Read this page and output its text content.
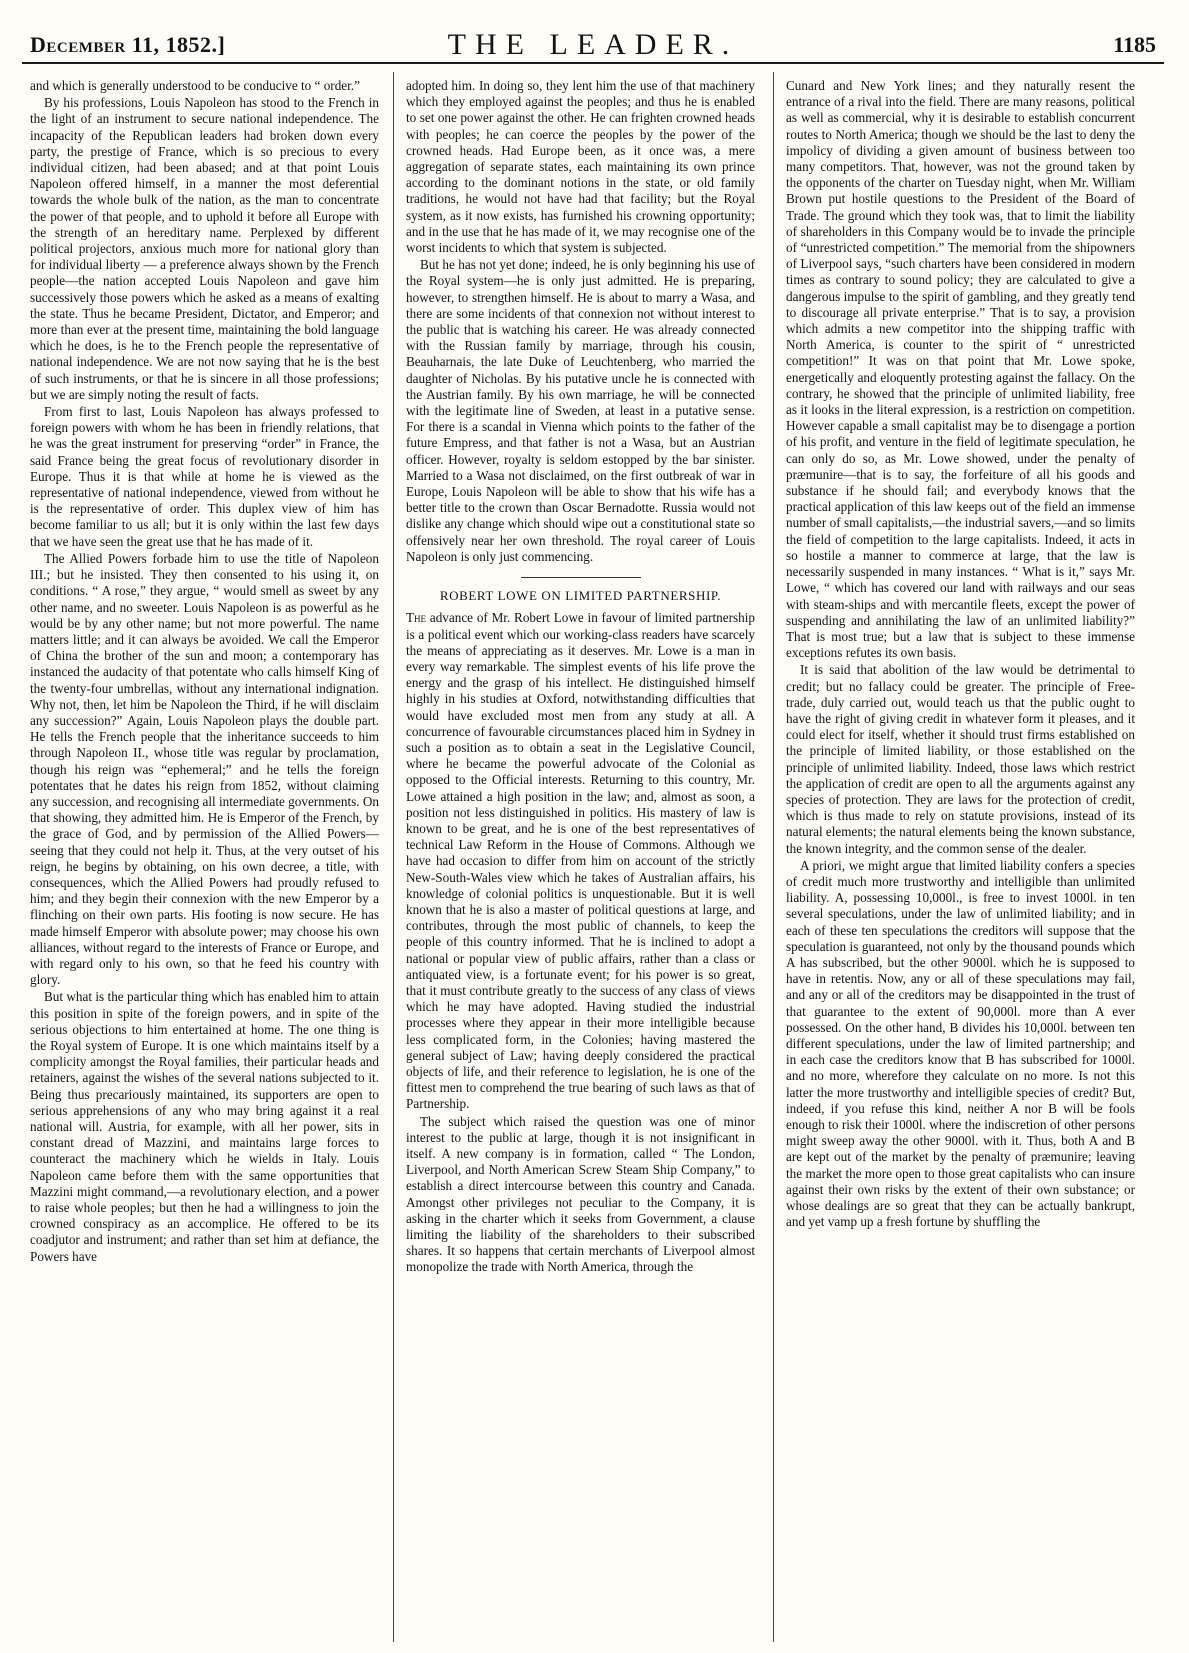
December 11, 1852.]	THE LEADER.	1185

and which is generally understood to be conducive to “ order.”

By his professions, Louis Napoleon has stood to the French in the light of an instrument to secure national independence. The incapacity of the Republican leaders had broken down every party, the prestige of France, which is so precious to every individual citizen, had been abased; and at that point Louis Napoleon offered himself, in a manner the most deferential towards the whole bulk of the nation, as the man to concentrate the power of that people, and to uphold it before all Europe with the strength of an hereditary name. Perplexed by different political projectors, anxious much more for national glory than for individual liberty — a preference always shown by the French people—the nation accepted Louis Napoleon and gave him successively those powers which he asked as a means of exalting the state. Thus he became President, Dictator, and Emperor; and more than ever at the present time, maintaining the bold language which he does, is he to the French people the representative of national independence. We are not now saying that he is the best of such instruments, or that he is sincere in all those professions; but we are simply noting the result of facts.

From first to last, Louis Napoleon has always professed to foreign powers with whom he has been in friendly relations, that he was the great instrument for preserving “order” in France, the said France being the great focus of revolutionary disorder in Europe. Thus it is that while at home he is viewed as the representative of national independence, viewed from without he is the representative of order. This duplex view of him has become familiar to us all; but it is only within the last few days that we have seen the great use that he has made of it.

The Allied Powers forbade him to use the title of Napoleon III.; but he insisted. They then consented to his using it, on conditions. “ A rose,” they argue, “ would smell as sweet by any other name, and no sweeter. Louis Napoleon is as powerful as he would be by any other name; but not more powerful. The name matters little; and it can always be avoided. We call the Emperor of China the brother of the sun and moon; a contemporary has instanced the audacity of that potentate who calls himself King of the twenty-four umbrellas, without any international indignation. Why not, then, let him be Napoleon the Third, if he will disclaim any succession?” Again, Louis Napoleon plays the double part. He tells the French people that the inheritance succeeds to him through Napoleon II., whose title was regular by proclamation, though his reign was “ephemeral;” and he tells the foreign potentates that he dates his reign from 1852, without claiming any succession, and recognising all intermediate governments. On that showing, they admitted him. He is Emperor of the French, by the grace of God, and by permission of the Allied Powers—seeing that they could not help it. Thus, at the very outset of his reign, he begins by obtaining, on his own decree, a title, with consequences, which the Allied Powers had proudly refused to him; and they begin their connexion with the new Emperor by a flinching on their own parts. His footing is now secure. He has made himself Emperor with absolute power; may choose his own alliances, without regard to the interests of France or Europe, and with regard only to his own, so that he feed his country with glory.

But what is the particular thing which has enabled him to attain this position in spite of the foreign powers, and in spite of the serious objections to him entertained at home. The one thing is the Royal system of Europe. It is one which maintains itself by a complicity amongst the Royal families, their particular heads and retainers, against the wishes of the several nations subjected to it. Being thus precariously maintained, its supporters are open to serious apprehensions of any who may bring against it a real national will. Austria, for example, with all her power, sits in constant dread of Mazzini, and maintains large forces to counteract the machinery which he wields in Italy. Louis Napoleon came before them with the same opportunities that Mazzini might command,—a revolutionary election, and a power to raise whole peoples; but then he had a willingness to join the crowned conspiracy as an accomplice. He offered to be its coadjutor and instrument; and rather than set him at defiance, the Powers have

adopted him. In doing so, they lent him the use of that machinery which they employed against the peoples; and thus he is enabled to set one power against the other. He can frighten crowned heads with peoples; he can coerce the peoples by the power of the crowned heads. Had Europe been, as it once was, a mere aggregation of separate states, each maintaining its own prince according to the dominant notions in the state, or old family traditions, he would not have had that facility; but the Royal system, as it now exists, has furnished his crowning opportunity; and in the use that he has made of it, we may recognise one of the worst incidents to which that system is subjected.

But he has not yet done; indeed, he is only beginning his use of the Royal system—he is only just admitted. He is preparing, however, to strengthen himself. He is about to marry a Wasa, and there are some incidents of that connexion not without interest to the public that is watching his career. He was already connected with the Russian family by marriage, through his cousin, Beauharnais, the late Duke of Leuchtenberg, who married the daughter of Nicholas. By his putative uncle he is connected with the Austrian family. By his own marriage, he will be connected with the legitimate line of Sweden, at least in a putative sense. For there is a scandal in Vienna which points to the father of the future Empress, and that father is not a Wasa, but an Austrian officer. However, royalty is seldom estopped by the bar sinister. Married to a Wasa not disclaimed, on the first outbreak of war in Europe, Louis Napoleon will be able to show that his wife has a better title to the crown than Oscar Bernadotte. Russia would not dislike any change which should wipe out a constitutional state so offensively near her own threshold. The royal career of Louis Napoleon is only just commencing.

ROBERT LOWE ON LIMITED PARTNERSHIP.

The advance of Mr. Robert Lowe in favour of limited partnership is a political event which our working-class readers have scarcely the means of appreciating as it deserves. Mr. Lowe is a man in every way remarkable. The simplest events of his life prove the energy and the grasp of his intellect. He distinguished himself highly in his studies at Oxford, notwithstanding difficulties that would have excluded most men from any study at all. A concurrence of favourable circumstances placed him in Sydney in such a position as to obtain a seat in the Legislative Council, where he became the powerful advocate of the Colonial as opposed to the Official interests. Returning to this country, Mr. Lowe attained a high position in the law; and, almost as soon, a position not less distinguished in politics. His mastery of law is known to be great, and he is one of the best representatives of technical Law Reform in the House of Commons. Although we have had occasion to differ from him on account of the strictly New-South-Wales view which he takes of Australian affairs, his knowledge of colonial politics is unquestionable. But it is well known that he is also a master of political questions at large, and contributes, through the most public of channels, to keep the people of this country informed. That he is inclined to adopt a national or popular view of public affairs, rather than a class or antiquated view, is a fortunate event; for his power is so great, that it must contribute greatly to the success of any class of views which he may have adopted. Having studied the industrial processes where they appear in their more intelligible because less complicated form, in the Colonies; having mastered the general subject of Law; having deeply considered the practical objects of life, and their reference to legislation, he is one of the fittest men to comprehend the true bearing of such laws as that of Partnership.

The subject which raised the question was one of minor interest to the public at large, though it is not insignificant in itself. A new company is in formation, called “ The London, Liverpool, and North American Screw Steam Ship Company,” to establish a direct intercourse between this country and Canada. Amongst other privileges not peculiar to the Company, it is asking in the charter which it seeks from Government, a clause limiting the liability of the shareholders to their subscribed shares. It so happens that certain merchants of Liverpool almost monopolize the trade with North America, through the

Cunard and New York lines; and they naturally resent the entrance of a rival into the field. There are many reasons, political as well as commercial, why it is desirable to establish concurrent routes to North America; though we should be the last to deny the impolicy of dividing a given amount of business between too many competitors. That, however, was not the ground taken by the opponents of the charter on Tuesday night, when Mr. William Brown put hostile questions to the President of the Board of Trade. The ground which they took was, that to limit the liability of shareholders in this Company would be to invade the principle of “unrestricted competition.” The memorial from the shipowners of Liverpool says, “such charters have been considered in modern times as contrary to sound policy; they are calculated to give a dangerous impulse to the spirit of gambling, and they greatly tend to discourage all private enterprise.” That is to say, a provision which admits a new competitor into the shipping traffic with North America, is counter to the spirit of “ unrestricted competition!” It was on that point that Mr. Lowe spoke, energetically and eloquently protesting against the fallacy. On the contrary, he showed that the principle of unlimited liability, free as it looks in the literal expression, is a restriction on competition. However capable a small capitalist may be to disengage a portion of his profit, and venture in the field of legitimate speculation, he can only do so, as Mr. Lowe showed, under the penalty of præmunire—that is to say, the forfeiture of all his goods and substance if he should fail; and everybody knows that the practical application of this law keeps out of the field an immense number of small capitalists,—the industrial savers,—and so limits the field of competition to the large capitalists. Indeed, it acts in so hostile a manner to commerce at large, that the law is necessarily suspended in many instances. “ What is it,” says Mr. Lowe, “ which has covered our land with railways and our seas with steam-ships and with mercantile fleets, except the power of suspending and annihilating the law of an unlimited liability?” That is most true; but a law that is subject to these immense exceptions refutes its own basis.

It is said that abolition of the law would be detrimental to credit; but no fallacy could be greater. The principle of Free-trade, duly carried out, would teach us that the public ought to have the right of giving credit in whatever form it pleases, and it could elect for itself, whether it should trust firms established on the principle of limited liability, or those established on the principle of unlimited liability. Indeed, those laws which restrict the application of credit are open to all the arguments against any species of protection. They are laws for the protection of credit, which is thus made to rely on statute provisions, instead of its natural elements; the natural elements being the known substance, the known integrity, and the common sense of the dealer.

A priori, we might argue that limited liability confers a species of credit much more trustworthy and intelligible than unlimited liability. A, possessing 10,000l., is free to invest 1000l. in ten several speculations, under the law of unlimited liability; and in each of these ten speculations the creditors will suppose that the speculation is guaranteed, not only by the thousand pounds which A has subscribed, but the other 9000l. which he is supposed to have in retentis. Now, any or all of these speculations may fail, and any or all of the creditors may be disappointed in the trust of that guarantee to the extent of 90,000l. more than A ever possessed. On the other hand, B divides his 10,000l. between ten different speculations, under the law of limited partnership; and in each case the creditors know that B has subscribed for 1000l. and no more, wherefore they calculate on no more. Is not this latter the more trustworthy and intelligible species of credit? But, indeed, if you refuse this kind, neither A nor B will be fools enough to risk their 1000l. where the indiscretion of other persons might sweep away the other 9000l. with it. Thus, both A and B are kept out of the market by the penalty of præmunire; leaving the market the more open to those great capitalists who can insure against their own risks by the extent of their own substance; or whose dealings are so great that they can be actually bankrupt, and yet vamp up a fresh fortune by shuffling the
